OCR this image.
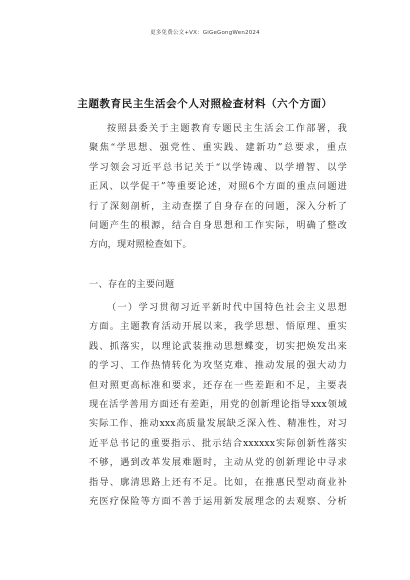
更多免费公文+VX：GiGeGongWen2024
主题教育民主生活会个人对照检查材料（六个方面）
按照县委关于主题教育专题民主生活会工作部署，我
聚焦“学思想、强党性、重实践、建新功”总要求，重点
学习领会习近平总书记关于“以学铸魂、以学增智、以学
正风、以学促干”等重要论述，对照6个方面的重点问题进
行了深刻剖析，主动查摆了自身存在的问题，深入分析了
问题产生的根源，结合自身思想和工作实际，明确了整改
方向，现对照检查如下。
一、存在的主要问题
（一）学习贯彻习近平新时代中国特色社会主义思想
方面。主题教育活动开展以来，我学思想、悟原理、重实
践、抓落实，以理论武装推动思想蝶变，切实把焕发出来
的学习、工作热情转化为攻坚克难、推动发展的强大动力
但对照更高标准和要求，还存在一些差距和不足，主要表
现在活学善用方面还有差距，用党的创新理论指导xxx领域
实际工作、推动xxx高质量发展缺乏深入性、精准性，对习
近平总书记的重要指示、批示结合xxxxxx实际创新性落实
不够，遇到改革发展难题时，主动从党的创新理论中寻求
指导、廓清思路上还有不足。比如，在推惠民型动商业补
充医疗保险等方面不善于运用新发展理念的去观察、分析
